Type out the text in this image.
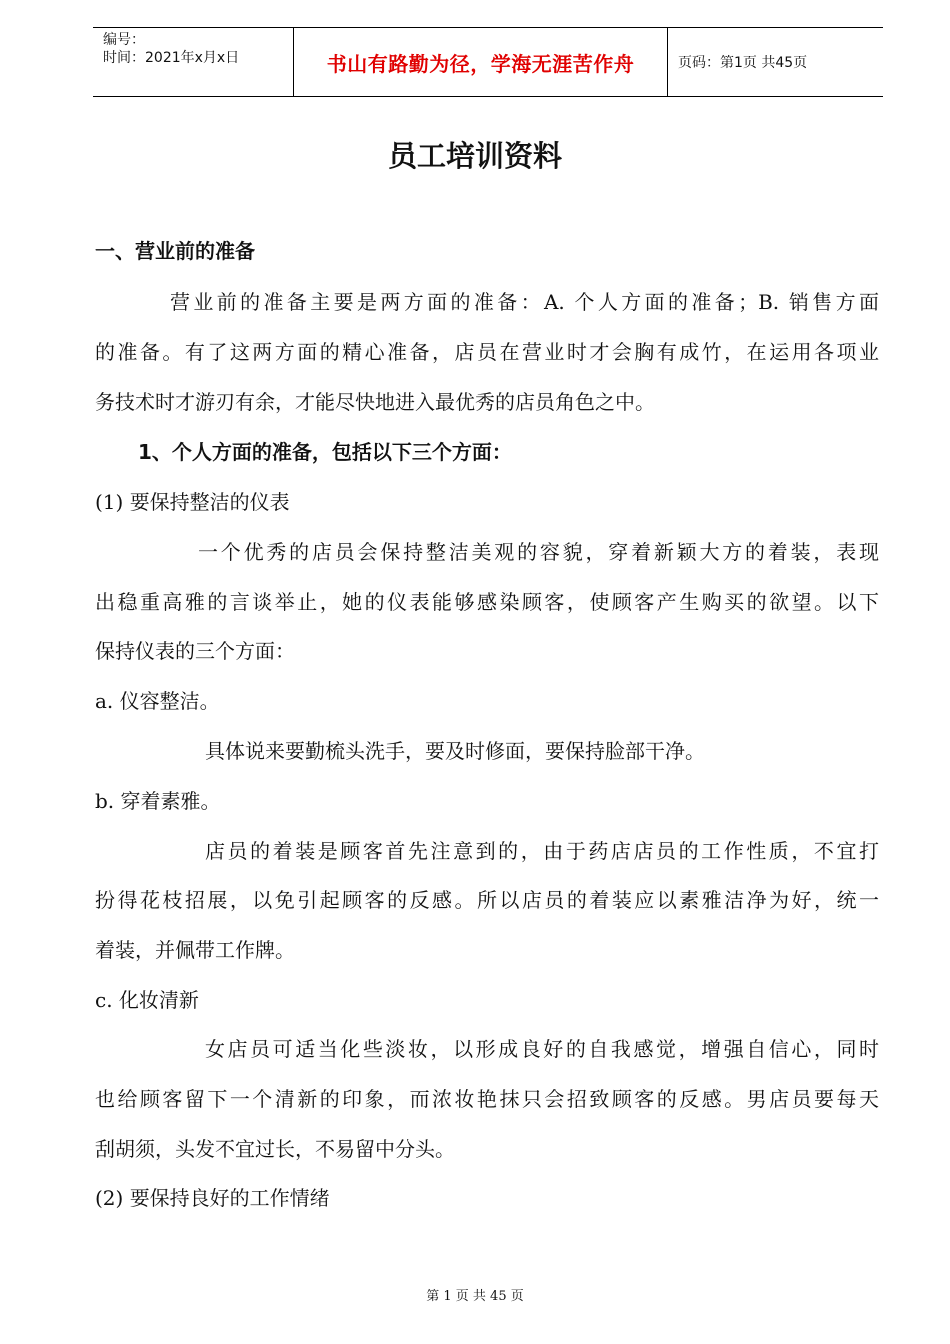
编号：
时间：2021年x月x日	书山有路勤为径，学海无涯苦作舟	页码：第1页 共45页
员工培训资料
一、营业前的准备
营业前的准备主要是两方面的准备：A. 个人方面的准备；B. 销售方面
的准备。有了这两方面的精心准备，店员在营业时才会胸有成竹，在运用各项业
务技术时才游刃有余，才能尽快地进入最优秀的店员角色之中。
1、个人方面的准备，包括以下三个方面：
(1) 要保持整洁的仪表
一个优秀的店员会保持整洁美观的容貌，穿着新颖大方的着装，表现
出稳重高雅的言谈举止，她的仪表能够感染顾客，使顾客产生购买的欲望。以下
保持仪表的三个方面：
a. 仪容整洁。
具体说来要勤梳头洗手，要及时修面，要保持脸部干净。
b. 穿着素雅。
店员的着装是顾客首先注意到的，由于药店店员的工作性质，不宜打
扮得花枝招展，以免引起顾客的反感。所以店员的着装应以素雅洁净为好，统一
着装，并佩带工作牌。
c. 化妆清新
女店员可适当化些淡妆，以形成良好的自我感觉，增强自信心，同时
也给顾客留下一个清新的印象，而浓妆艳抹只会招致顾客的反感。男店员要每天
刮胡须，头发不宜过长，不易留中分头。
(2) 要保持良好的工作情绪
第 1 页 共 45 页
